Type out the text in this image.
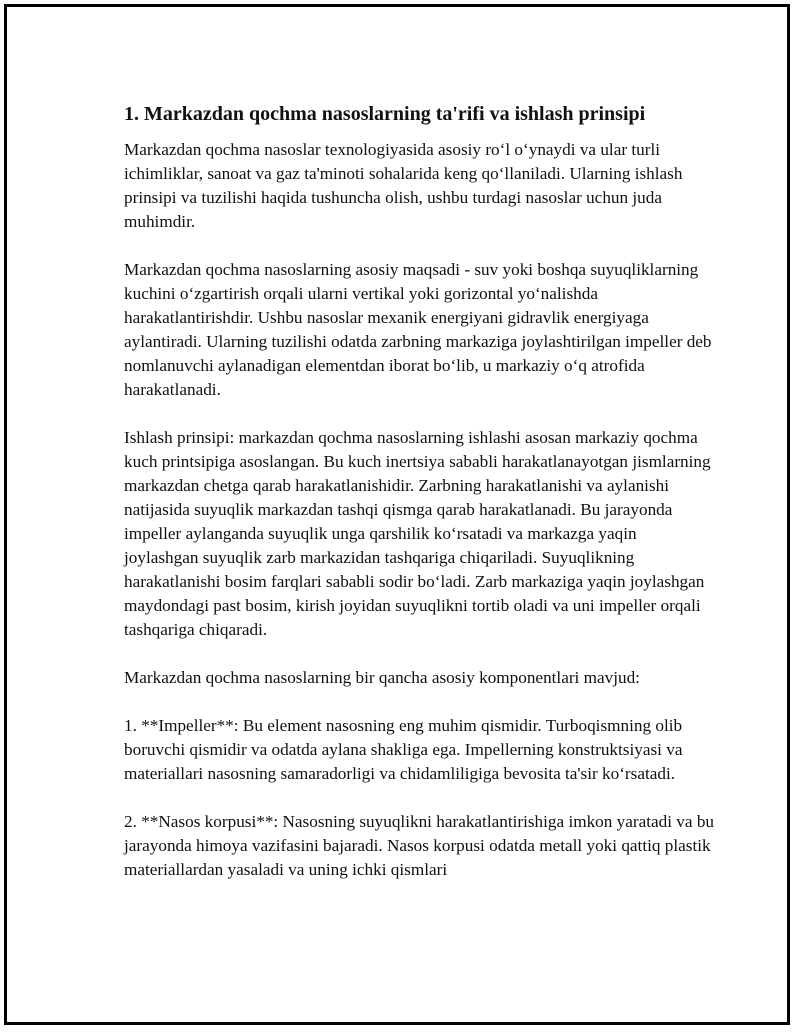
1. Markazdan qochma nasoslarning ta'rifi va ishlash prinsipi

Markazdan qochma nasoslar texnologiyasida asosiy ro‘l o‘ynaydi va ular turli ichimliklar, sanoat va gaz ta'minoti sohalarida keng qo‘llaniladi. Ularning ishlash prinsipi va tuzilishi haqida tushuncha olish, ushbu turdagi nasoslar uchun juda muhimdir.

Markazdan qochma nasoslarning asosiy maqsadi - suv yoki boshqa suyuqliklarning kuchini o‘zgartirish orqali ularni vertikal yoki gorizontal yo‘nalishda harakatlantirishdir. Ushbu nasoslar mexanik energiyani gidravlik energiyaga aylantiradi. Ularning tuzilishi odatda zarbning markaziga joylashtirilgan impeller deb nomlanuvchi aylanadigan elementdan iborat bo‘lib, u markaziy o‘q atrofida harakatlanadi.

Ishlash prinsipi: markazdan qochma nasoslarning ishlashi asosan markaziy qochma kuch printsipiga asoslangan. Bu kuch inertsiya sababli harakatlanayotgan jismlarning markazdan chetga qarab harakatlanishidir. Zarbning harakatlanishi va aylanishi natijasida suyuqlik markazdan tashqi qismga qarab harakatlanadi. Bu jarayonda impeller aylanganda suyuqlik unga qarshilik ko‘rsatadi va markazga yaqin joylashgan suyuqlik zarb markazidan tashqariga chiqariladi. Suyuqlikning harakatlanishi bosim farqlari sababli sodir bo‘ladi. Zarb markaziga yaqin joylashgan maydondagi past bosim, kirish joyidan suyuqlikni tortib oladi va uni impeller orqali tashqariga chiqaradi.

Markazdan qochma nasoslarning bir qancha asosiy komponentlari mavjud:

1. **Impeller**: Bu element nasosning eng muhim qismidir. Turboqismning olib boruvchi qismidir va odatda aylana shakliga ega. Impellerning konstruktsiyasi va materiallari nasosning samaradorligi va chidamliligiga bevosita ta'sir ko‘rsatadi.

2. **Nasos korpusi**: Nasosning suyuqlikni harakatlantirishiga imkon yaratadi va bu jarayonda himoya vazifasini bajaradi. Nasos korpusi odatda metall yoki qattiq plastik materiallardan yasaladi va uning ichki qismlari
